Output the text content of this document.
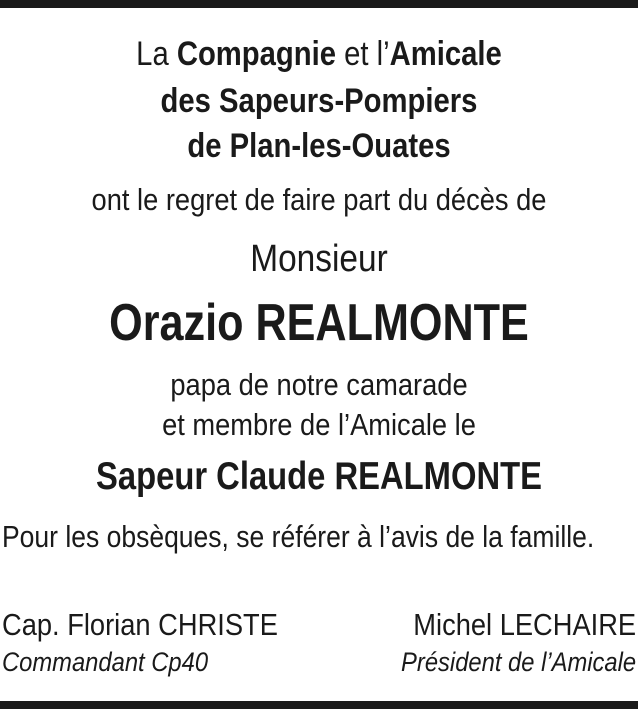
La Compagnie et l’Amicale
des Sapeurs-Pompiers
de Plan-les-Ouates
ont le regret de faire part du décès de
Monsieur
Orazio REALMONTE
papa de notre camarade
et membre de l’Amicale le
Sapeur Claude REALMONTE
Pour les obsèques, se référer à l’avis de la famille.
Cap. Florian CHRISTE
Commandant Cp40
Michel LECHAIRE
Président de l’Amicale
